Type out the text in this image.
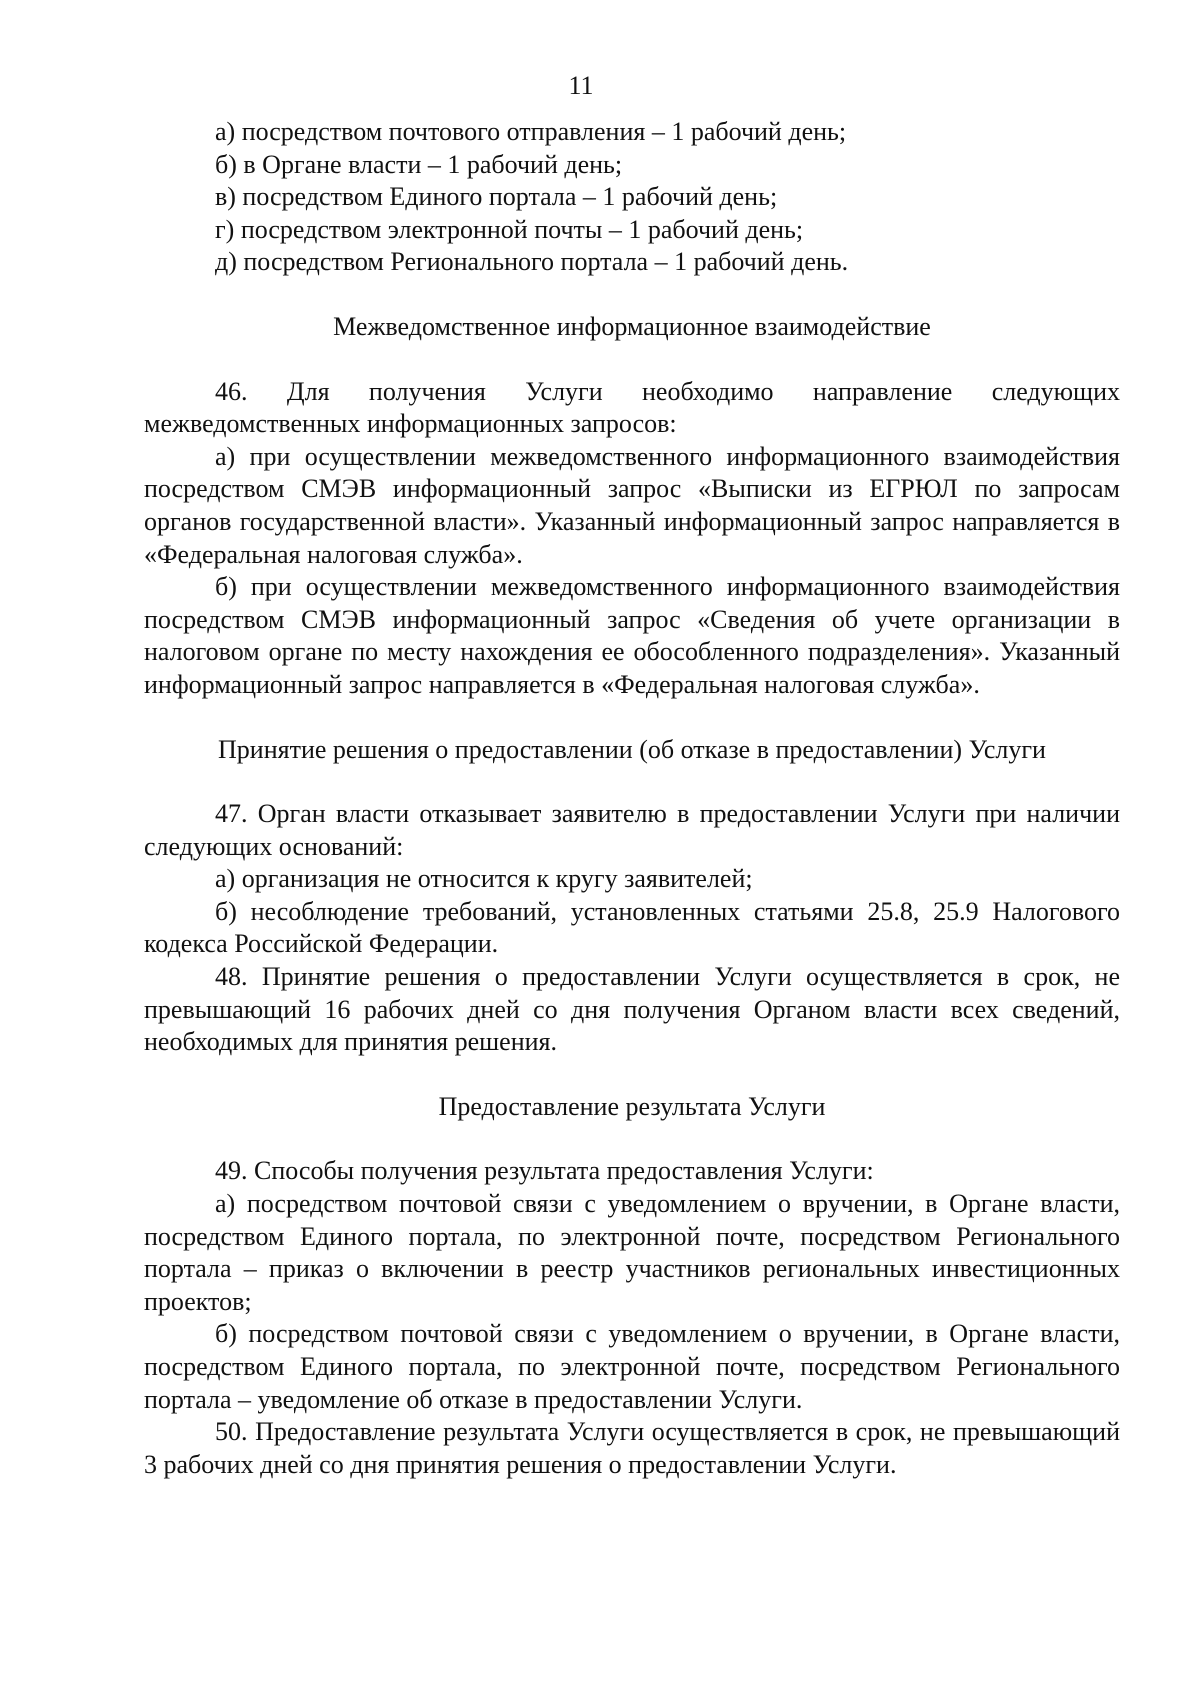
11

а) посредством почтового отправления – 1 рабочий день;

б) в Органе власти – 1 рабочий день;

в) посредством Единого портала – 1 рабочий день;

г) посредством электронной почты – 1 рабочий день;

д) посредством Регионального портала – 1 рабочий день.

Межведомственное информационное взаимодействие

46. Для получения Услуги необходимо направление следующих межведомственных информационных запросов:

а) при осуществлении межведомственного информационного взаимодействия посредством СМЭВ информационный запрос «Выписки из ЕГРЮЛ по запросам органов государственной власти». Указанный информационный запрос направляется в «Федеральная налоговая служба».

б) при осуществлении межведомственного информационного взаимодействия посредством СМЭВ информационный запрос «Сведения об учете организации в налоговом органе по месту нахождения ее обособленного подразделения». Указанный информационный запрос направляется в «Федеральная налоговая служба».

Принятие решения о предоставлении (об отказе в предоставлении) Услуги

47. Орган власти отказывает заявителю в предоставлении Услуги при наличии следующих оснований:

а) организация не относится к кругу заявителей;

б) несоблюдение требований, установленных статьями 25.8, 25.9 Налогового кодекса Российской Федерации.

48. Принятие решения о предоставлении Услуги осуществляется в срок, не превышающий 16 рабочих дней со дня получения Органом власти всех сведений, необходимых для принятия решения.

Предоставление результата Услуги

49. Способы получения результата предоставления Услуги:

а) посредством почтовой связи с уведомлением о вручении, в Органе власти, посредством Единого портала, по электронной почте, посредством Регионального портала – приказ о включении в реестр участников региональных инвестиционных проектов;

б) посредством почтовой связи с уведомлением о вручении, в Органе власти, посредством Единого портала, по электронной почте, посредством Регионального портала – уведомление об отказе в предоставлении Услуги.

50. Предоставление результата Услуги осуществляется в срок, не превышающий 3 рабочих дней со дня принятия решения о предоставлении Услуги.
